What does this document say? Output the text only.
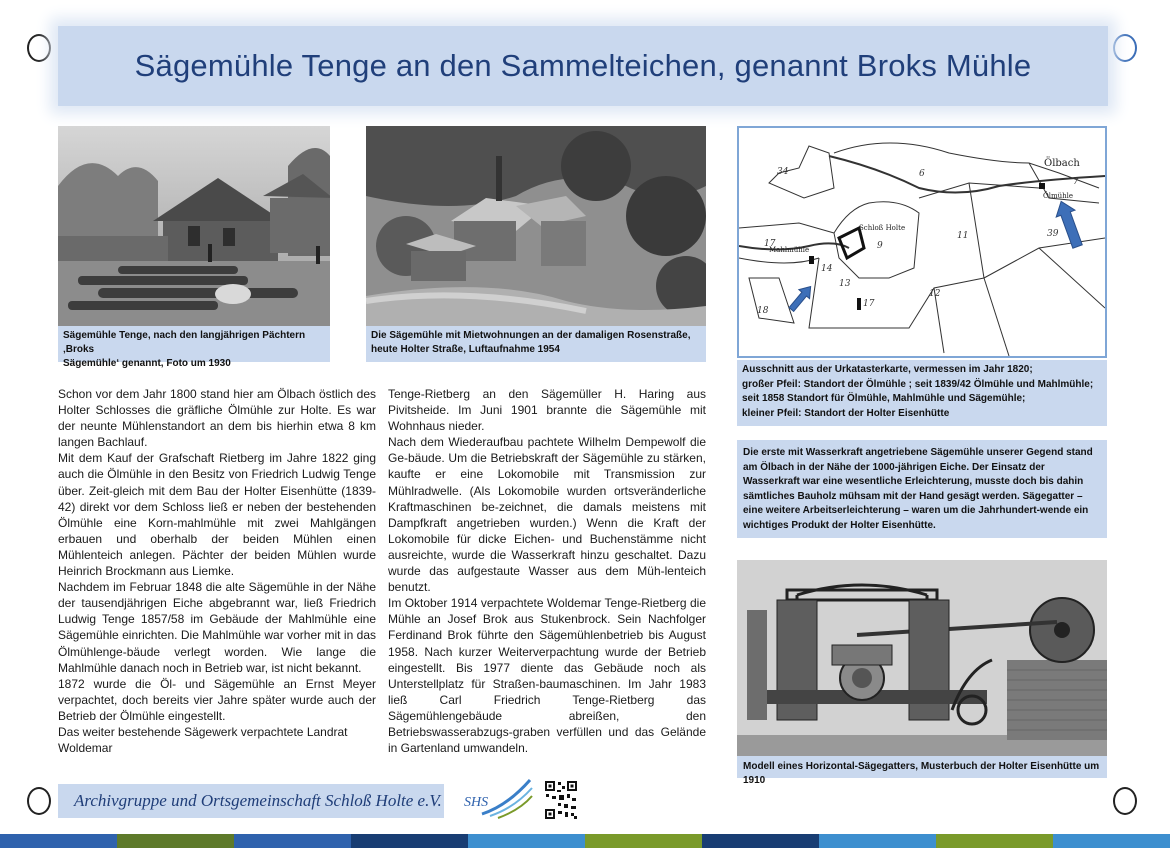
Sägemühle Tenge an den Sammelteichen, genannt Broks Mühle
Sägemühle Tenge, nach den langjährigen Pächtern ‚Broks
Sägemühle‘ genannt, Foto um 1930
Die Sägemühle mit Mietwohnungen an der damaligen Rosenstraße,
heute Holter Straße, Luftaufnahme 1954
34	6
7
39
11
12
9
17
18
14
13
17
Ölbach
Ölmühle
Schloß Holte
Mahlmühle
Ausschnitt aus der Urkatasterkarte, vermessen im Jahr 1820;
großer Pfeil: Standort der Ölmühle ; seit 1839/42 Ölmühle und Mahlmühle;
seit 1858 Standort für Ölmühle, Mahlmühle und Sägemühle;
kleiner Pfeil: Standort der Holter Eisenhütte
Die erste mit Wasserkraft angetriebene Sägemühle unserer Gegend stand am Ölbach in der Nähe der 1000-jährigen Eiche. Der Einsatz der Wasserkraft war eine wesentliche Erleichterung, musste doch bis dahin sämtliches Bauholz mühsam mit der Hand gesägt werden. Sägegatter – eine weitere Arbeitserleichterung – waren um die Jahrhundert-wende ein wichtiges Produkt der Holter Eisenhütte.
Modell eines Horizontal-Sägegatters, Musterbuch der Holter Eisenhütte um 1910

Schon vor dem Jahr 1800 stand hier am Ölbach östlich des Holter Schlosses die gräfliche Ölmühle zur Holte. Es war der neunte Mühlenstandort an dem bis hierhin etwa 8 km langen Bachlauf.

Mit dem Kauf der Grafschaft Rietberg im Jahre 1822 ging auch die Ölmühle in den Besitz von Friedrich Ludwig Tenge über. Zeit-gleich mit dem Bau der Holter Eisenhütte (1839-42) direkt vor dem Schloss ließ er neben der bestehenden Ölmühle eine Korn-mahlmühle mit zwei Mahlgängen erbauen und oberhalb der beiden Mühlen einen Mühlenteich anlegen. Pächter der beiden Mühlen wurde Heinrich Brockmann aus Liemke.

Nachdem im Februar 1848 die alte Sägemühle in der Nähe der tausendjährigen Eiche abgebrannt war, ließ Friedrich Ludwig Tenge 1857/58 im Gebäude der Mahlmühle eine Sägemühle einrichten. Die Mahlmühle war vorher mit in das Ölmühlenge-bäude verlegt worden. Wie lange die Mahlmühle danach noch in Betrieb war, ist nicht bekannt.

1872 wurde die Öl- und Sägemühle an Ernst Meyer verpachtet, doch bereits vier Jahre später wurde auch der Betrieb der Ölmühle eingestellt.

Das weiter bestehende Sägewerk verpachtete Landrat Woldemar

Tenge-Rietberg an den Sägemüller H. Haring aus Pivitsheide. Im Juni 1901 brannte die Sägemühle mit Wohnhaus nieder.

Nach dem Wiederaufbau pachtete Wilhelm Dempewolf die Ge-bäude. Um die Betriebskraft der Sägemühle zu stärken, kaufte er eine Lokomobile mit Transmission zur Mühlradwelle. (Als Lokomobile wurden ortsveränderliche Kraftmaschinen be-zeichnet, die damals meistens mit Dampfkraft angetrieben wurden.) Wenn die Kraft der Lokomobile für dicke Eichen- und Buchenstämme nicht ausreichte, wurde die Wasserkraft hinzu geschaltet. Dazu wurde das aufgestaute Wasser aus dem Müh-lenteich benutzt.

Im Oktober 1914 verpachtete Woldemar Tenge-Rietberg die Mühle an Josef Brok aus Stukenbrock. Sein Nachfolger Ferdinand Brok führte den Sägemühlenbetrieb bis August 1958. Nach kurzer Weiterverpachtung wurde der Betrieb eingestellt. Bis 1977 diente das Gebäude noch als Unterstellplatz für Straßen-baumaschinen. Im Jahr 1983 ließ Carl Friedrich Tenge-Rietberg das Sägemühlengebäude abreißen, den Betriebswasserabzugs-graben verfüllen und das Gelände in Gartenland umwandeln.

Archivgruppe und Ortsgemeinschaft Schloß Holte e.V. SHS
